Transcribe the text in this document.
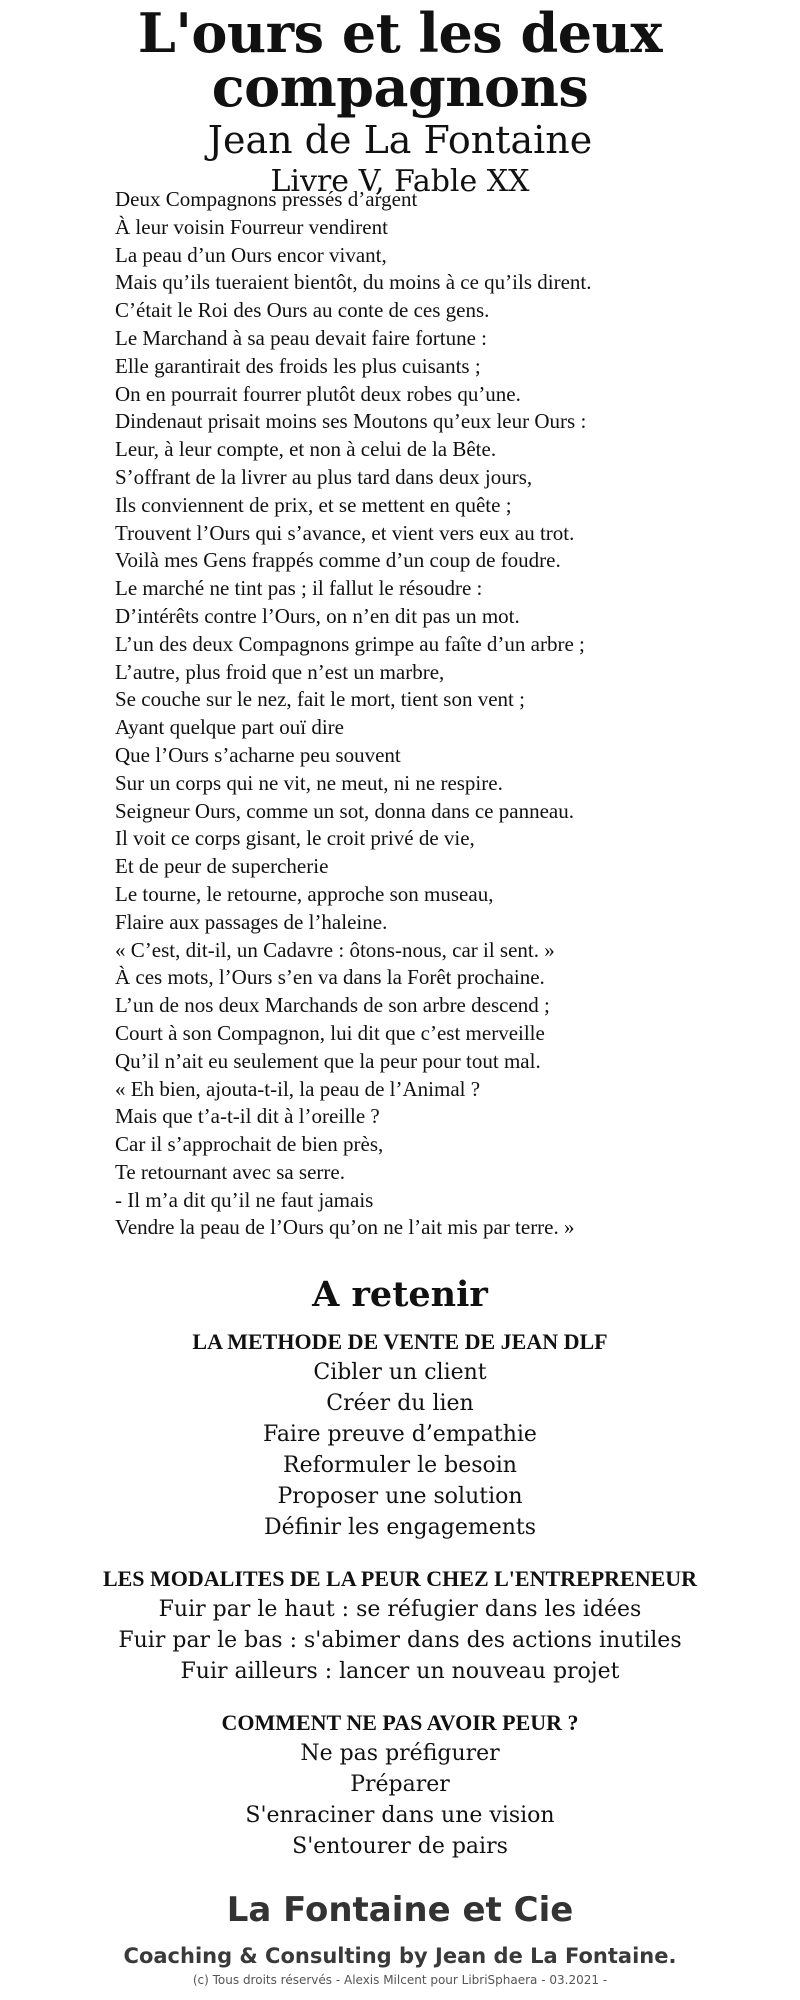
L'ours et les deux compagnons
Jean de La Fontaine
Livre V, Fable XX
Deux Compagnons pressés d’argent
À leur voisin Fourreur vendirent
La peau d’un Ours encor vivant,
Mais qu’ils tueraient bientôt, du moins à ce qu’ils dirent.
C’était le Roi des Ours au conte de ces gens.
Le Marchand à sa peau devait faire fortune :
Elle garantirait des froids les plus cuisants ;
On en pourrait fourrer plutôt deux robes qu’une.
Dindenaut prisait moins ses Moutons qu’eux leur Ours :
Leur, à leur compte, et non à celui de la Bête.
S’offrant de la livrer au plus tard dans deux jours,
Ils conviennent de prix, et se mettent en quête ;
Trouvent l’Ours qui s’avance, et vient vers eux au trot.
Voilà mes Gens frappés comme d’un coup de foudre.
Le marché ne tint pas ; il fallut le résoudre :
D’intérêts contre l’Ours, on n’en dit pas un mot.
L’un des deux Compagnons grimpe au faîte d’un arbre ;
L’autre, plus froid que n’est un marbre,
Se couche sur le nez, fait le mort, tient son vent ;
Ayant quelque part ouï dire
Que l’Ours s’acharne peu souvent
Sur un corps qui ne vit, ne meut, ni ne respire.
Seigneur Ours, comme un sot, donna dans ce panneau.
Il voit ce corps gisant, le croit privé de vie,
Et de peur de supercherie
Le tourne, le retourne, approche son museau,
Flaire aux passages de l’haleine.
« C’est, dit-il, un Cadavre : ôtons-nous, car il sent. »
À ces mots, l’Ours s’en va dans la Forêt prochaine.
L’un de nos deux Marchands de son arbre descend ;
Court à son Compagnon, lui dit que c’est merveille
Qu’il n’ait eu seulement que la peur pour tout mal.
« Eh bien, ajouta-t-il, la peau de l’Animal ?
Mais que t’a-t-il dit à l’oreille ?
Car il s’approchait de bien près,
Te retournant avec sa serre.
- Il m’a dit qu’il ne faut jamais
Vendre la peau de l’Ours qu’on ne l’ait mis par terre. »
A retenir
LA METHODE DE VENTE DE JEAN DLF
Cibler un client
Créer du lien
Faire preuve d’empathie
Reformuler le besoin
Proposer une solution
Définir les engagements
LES MODALITES DE LA PEUR CHEZ L'ENTREPRENEUR
Fuir par le haut : se réfugier dans les idées
Fuir par le bas : s'abimer dans des actions inutiles
Fuir ailleurs : lancer un nouveau projet
COMMENT NE PAS AVOIR PEUR ?
Ne pas préfigurer
Préparer
S'enraciner dans une vision
S'entourer de pairs
La Fontaine et Cie
Coaching & Consulting by Jean de La Fontaine.
(c) Tous droits réservés - Alexis Milcent pour LibriSphaera - 03.2021 -
